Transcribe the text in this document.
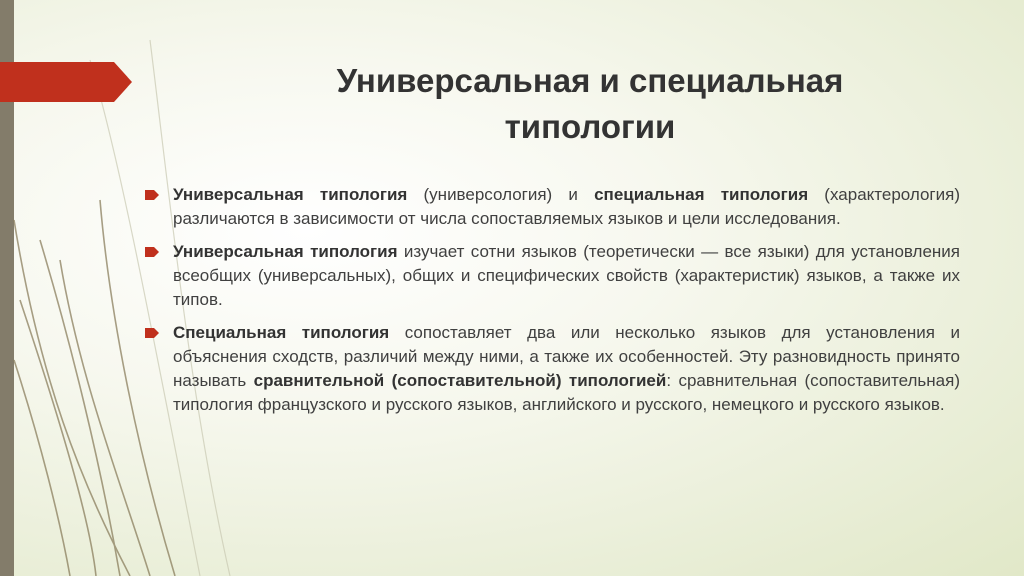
Универсальная и специальная
типологии
Универсальная типология (универсология) и специальная типология (характерология) различаются в зависимости от числа сопоставляемых языков и цели исследования.
Универсальная типология изучает сотни языков (теоретически — все языки) для установления всеобщих (универсальных), общих и специфических свойств (характеристик) языков, а также их типов.
Специальная типология сопоставляет два или несколько языков для установления и объяснения сходств, различий между ними, а также их особенностей. Эту разновидность принято называть сравнительной (сопоставительной) типологией: сравнительная (сопоставительная) типология французского и русского языков, английского и русского, немецкого и русского языков.
